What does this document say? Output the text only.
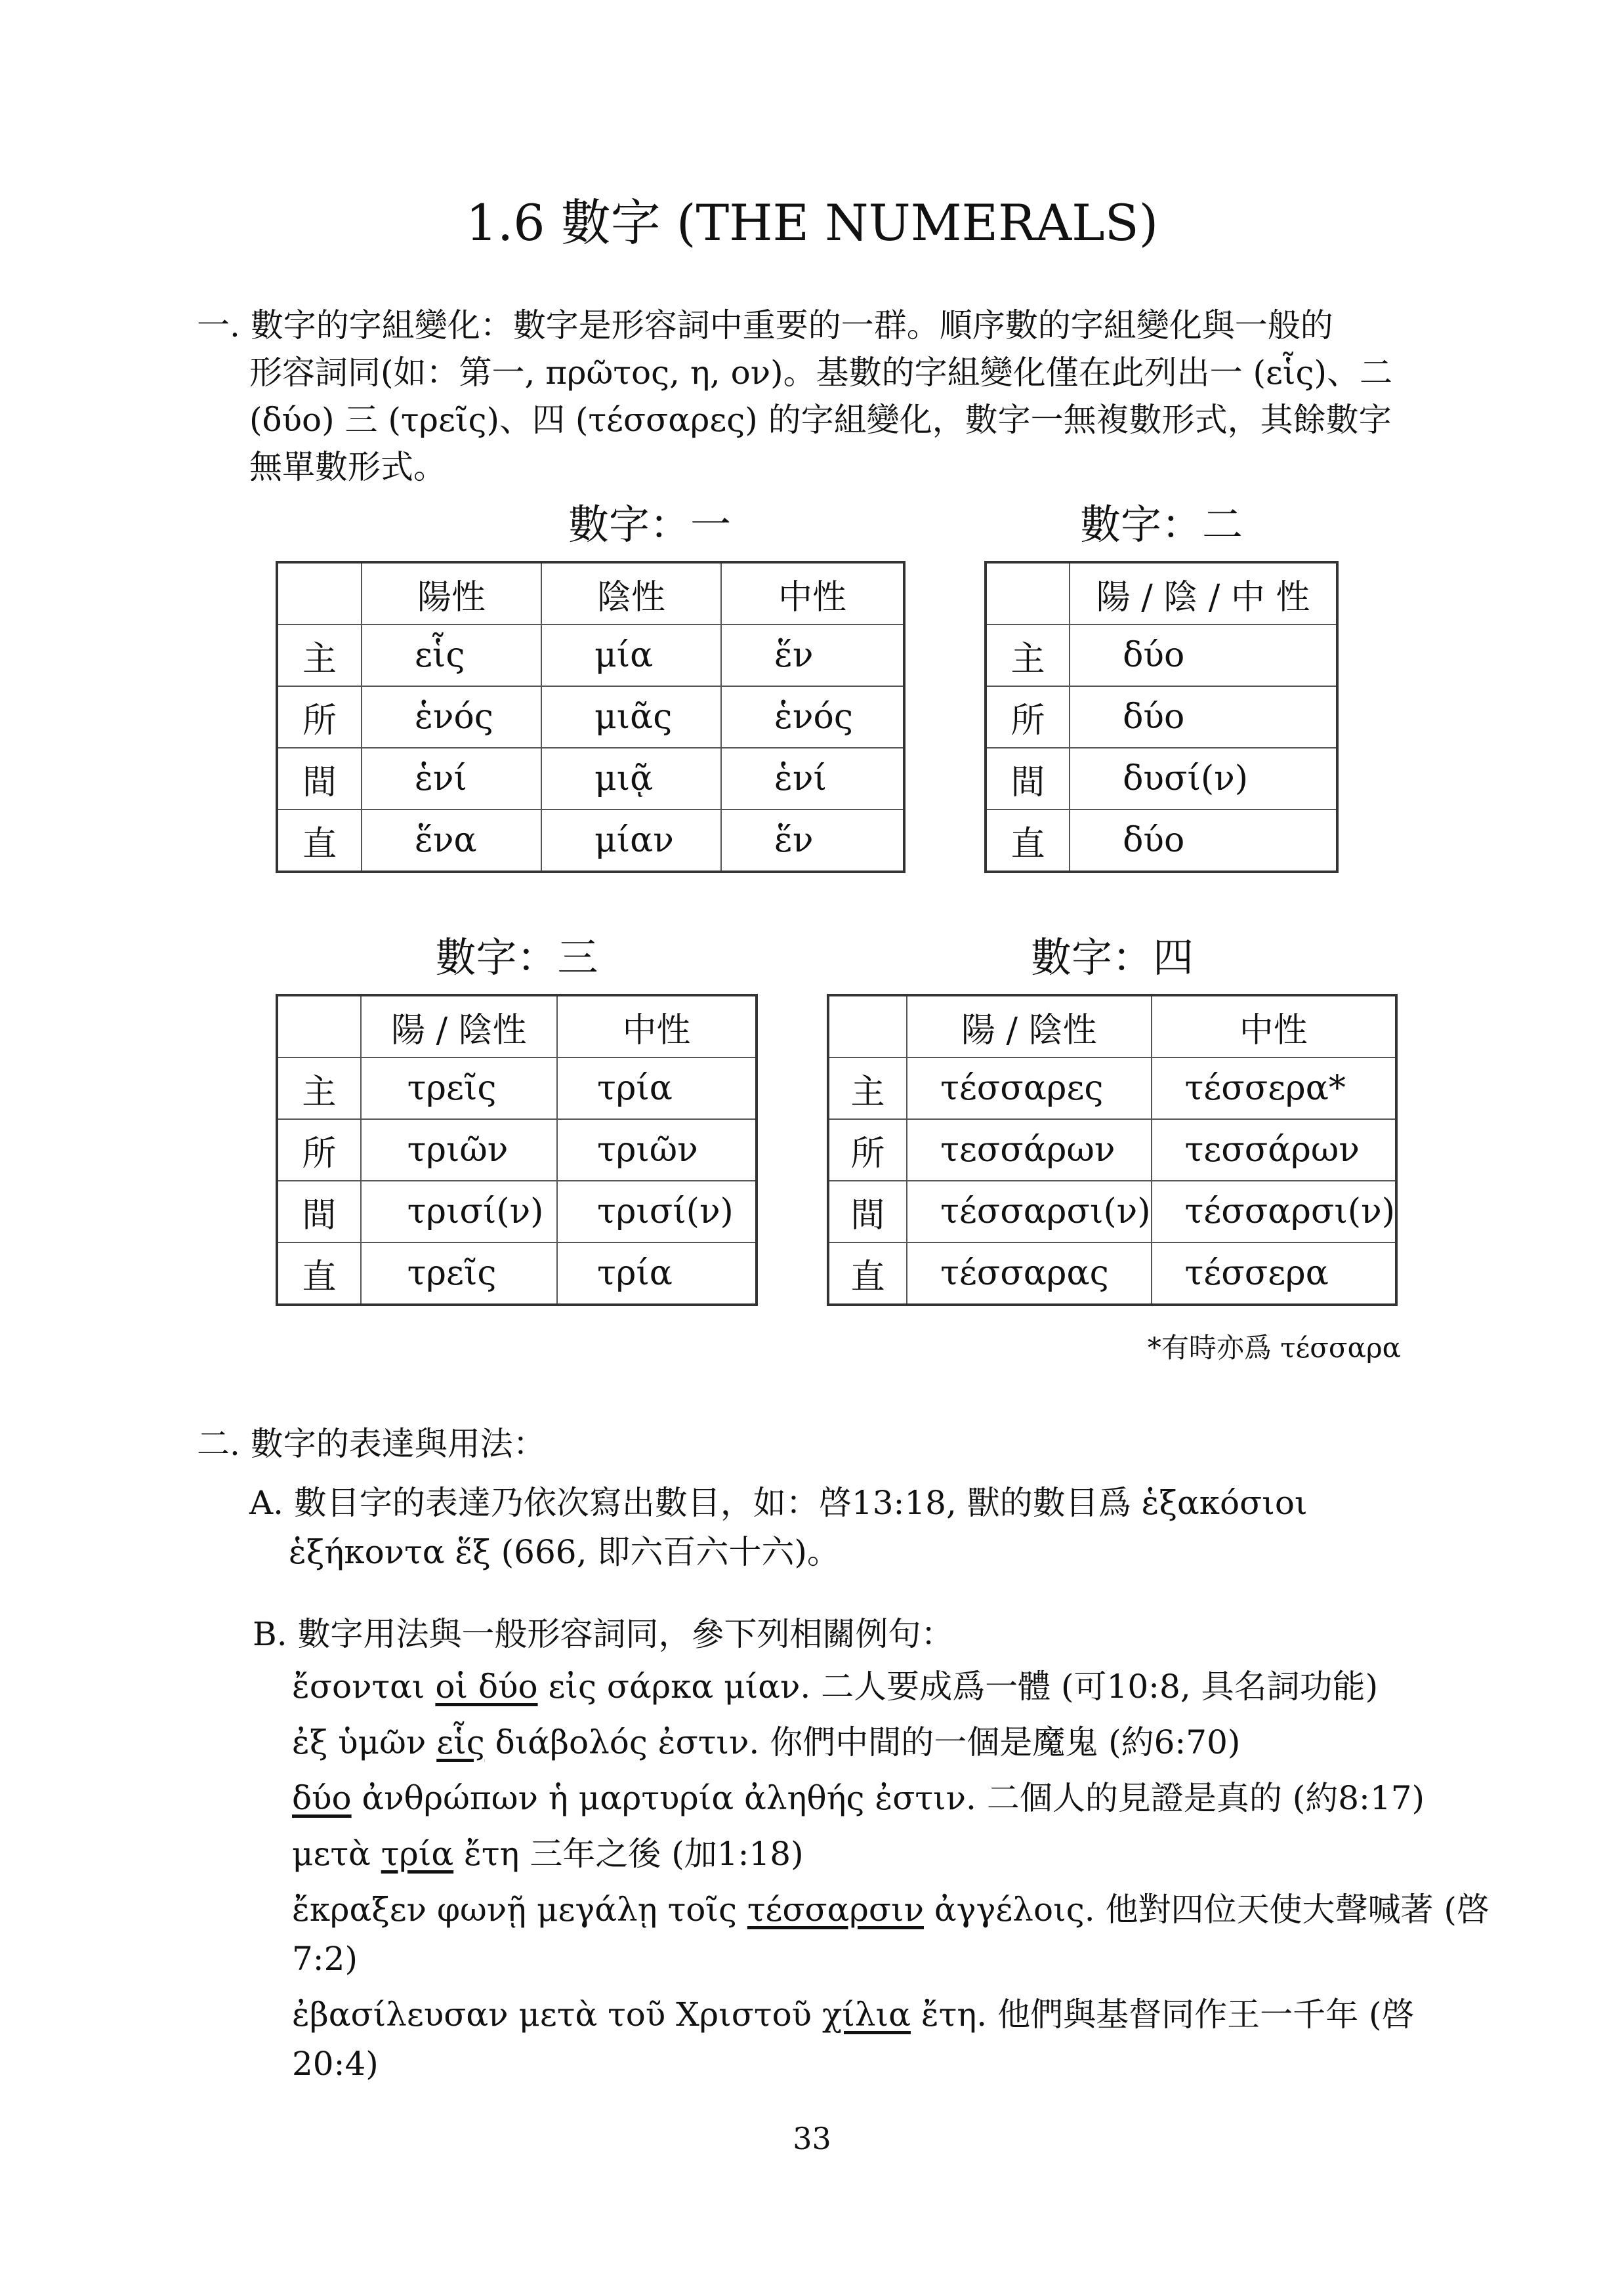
1.6 數字 (THE NUMERALS)
一. 數字的字組變化：數字是形容詞中重要的一群。順序數的字組變化與一般的
形容詞同(如：第一, πρῶτος, η, ον)。基數的字組變化僅在此列出一 (εἷς)、二
(δύο) 三 (τρεῖς)、四 (τέσσαρες) 的字組變化，數字一無複數形式，其餘數字
無單數形式。
數字：一
	陽性	陰性	中性
主	εἷς	μία	ἕν
所	ἑνός	μιᾶς	ἑνός
間	ἑνί	μιᾷ	ἑνί
直	ἕνα	μίαν	ἕν
數字：二
	陽 / 陰 / 中 性
主	δύο
所	δύο
間	δυσί(ν)
直	δύο
數字：三
	陽 / 陰性	中性
主	τρεῖς	τρία
所	τριῶν	τριῶν
間	τρισί(ν)	τρισί(ν)
直	τρεῖς	τρία
數字：四
	陽 / 陰性	中性
主	τέσσαρες	τέσσερα*
所	τεσσάρων	τεσσάρων
間	τέσσαρσι(ν)	τέσσαρσι(ν)
直	τέσσαρας	τέσσερα
*有時亦爲 τέσσαρα
二. 數字的表達與用法：
A. 數目字的表達乃依次寫出數目，如：啓13:18, 獸的數目爲 ἑξακόσιοι
ἑξήκοντα ἕξ (666, 即六百六十六)。
B. 數字用法與一般形容詞同，參下列相關例句：
ἔσονται οἱ δύο εἰς σάρκα μίαν. 二人要成爲一體 (可10:8, 具名詞功能)
ἐξ ὑμῶν εἷς διάβολός ἐστιν. 你們中間的一個是魔鬼 (約6:70)
δύο ἀνθρώπων ἡ μαρτυρία ἀληθής ἐστιν. 二個人的見證是真的 (約8:17)
μετὰ τρία ἔτη 三年之後 (加1:18)
ἔκραξεν φωνῇ μεγάλῃ τοῖς τέσσαρσιν ἀγγέλοις. 他對四位天使大聲喊著 (啓
7:2)
ἐβασίλευσαν μετὰ τοῦ Χριστοῦ χίλια ἔτη. 他們與基督同作王一千年 (啓
20:4)
33
